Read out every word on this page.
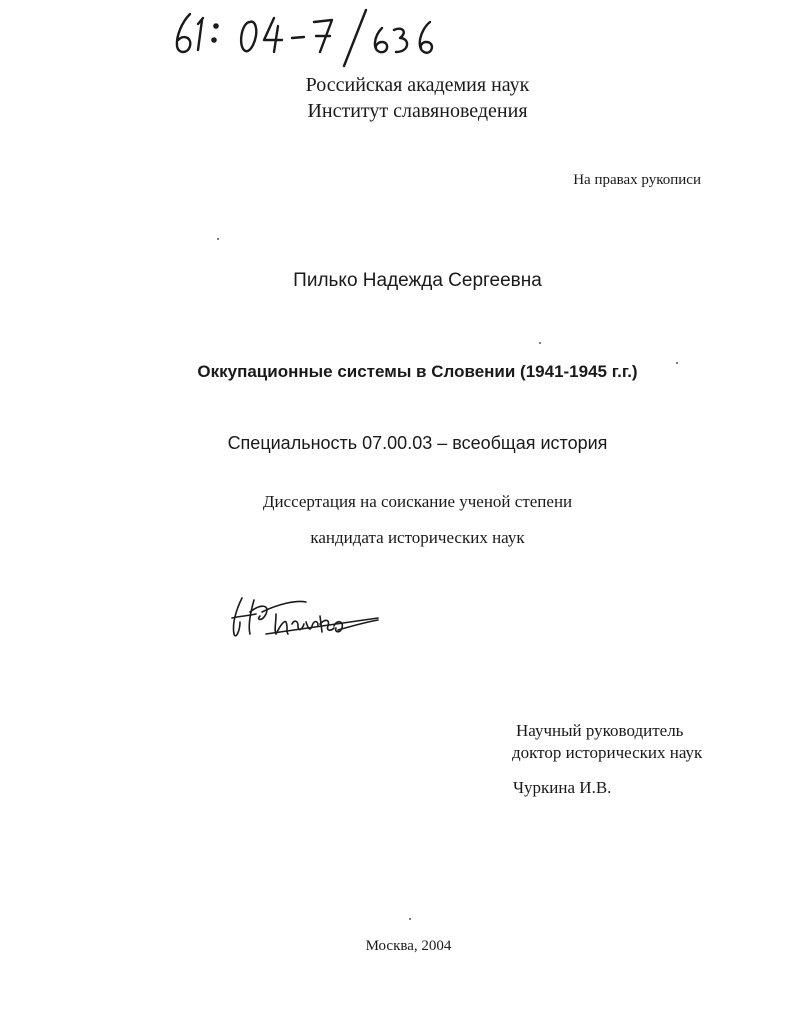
Российская академия наук
Институт славяноведения
На правах рукописи
Пилько Надежда Сергеевна
Оккупационные системы в Словении (1941-1945 г.г.)
Специальность 07.00.03 – всеобщая история
Диссертация на соискание ученой степени
кандидата исторических наук
Научный руководитель
доктор исторических наук
Чуркина И.В.
Москва, 2004
